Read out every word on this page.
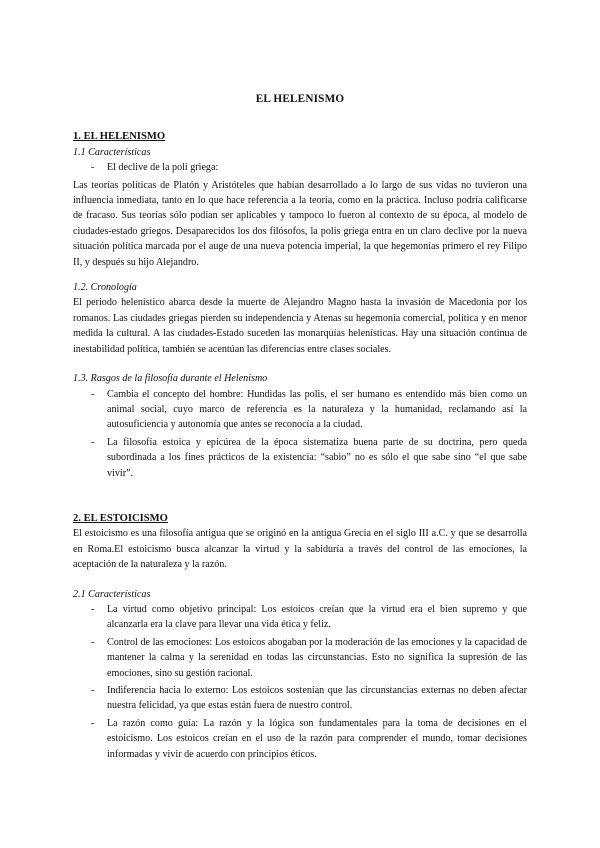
EL HELENISMO

1. EL HELENISMO

1.1 Características

- El declive de la poli griega:

Las teorías políticas de Platón y Aristóteles que habían desarrollado a lo largo de sus vidas no tuvieron una influencia inmediata, tanto en lo que hace referencia a la teoría, como en la práctica. Incluso podría calificarse de fracaso. Sus teorías sólo podían ser aplicables y tampoco lo fueron al contexto de su época, al modelo de ciudades-estado griegos. Desaparecidos los dos filósofos, la polis griega entra en un claro declive por la nueva situación política marcada por el auge de una nueva potencia imperial, la que hegemonías primero el rey Filipo II, y después su hijo Alejandro.

1.2. Cronología

El periodo helenístico abarca desde la muerte de Alejandro Magno hasta la invasión de Macedonia por los romanos. Las ciudades griegas pierden su independencia y Atenas su hegemonía comercial, política y en menor medida la cultural. A las ciudades-Estado suceden las monarquías helenísticas. Hay una situación continua de inestabilidad política, también se acentúan las diferencias entre clases sociales.

1.3. Rasgos de la filosofía durante el Helenismo

- Cambia el concepto del hombre: Hundidas las polis, el ser humano es entendido más bien como un animal social, cuyo marco de referencia es la naturaleza y la humanidad, reclamando así la autosuficiencia y autonomía que antes se reconocía a la ciudad.
- La filosofía estoica y epicúrea de la época sistematiza buena parte de su doctrina, pero queda subordinada a los fines prácticos de la existencia: “sabio” no es sólo el que sabe sino “el que sabe vivir”.

2. EL ESTOICISMO

El estoicismo es una filosofía antigua que se originó en la antigua Grecia en el siglo III a.C. y que se desarrolla en Roma.El estoicismo busca alcanzar la virtud y la sabiduría a través del control de las emociones, la aceptación de la naturaleza y la razón.

2.1 Características

- La virtud como objetivo principal: Los estoicos creían que la virtud era el bien supremo y que alcanzarla era la clave para llevar una vida ética y feliz.
- Control de las emociones: Los estoicos abogaban por la moderación de las emociones y la capacidad de mantener la calma y la serenidad en todas las circunstancias. Esto no significa la supresión de las emociones, sino su gestión racional.
- Indiferencia hacia lo externo: Los estoicos sostenían que las circunstancias externas no deben afectar nuestra felicidad, ya que estas están fuera de nuestro control.
- La razón como guía: La razón y la lógica son fundamentales para la toma de decisiones en el estoicismo. Los estoicos creían en el uso de la razón para comprender el mundo, tomar decisiones informadas y vivir de acuerdo con principios éticos.
